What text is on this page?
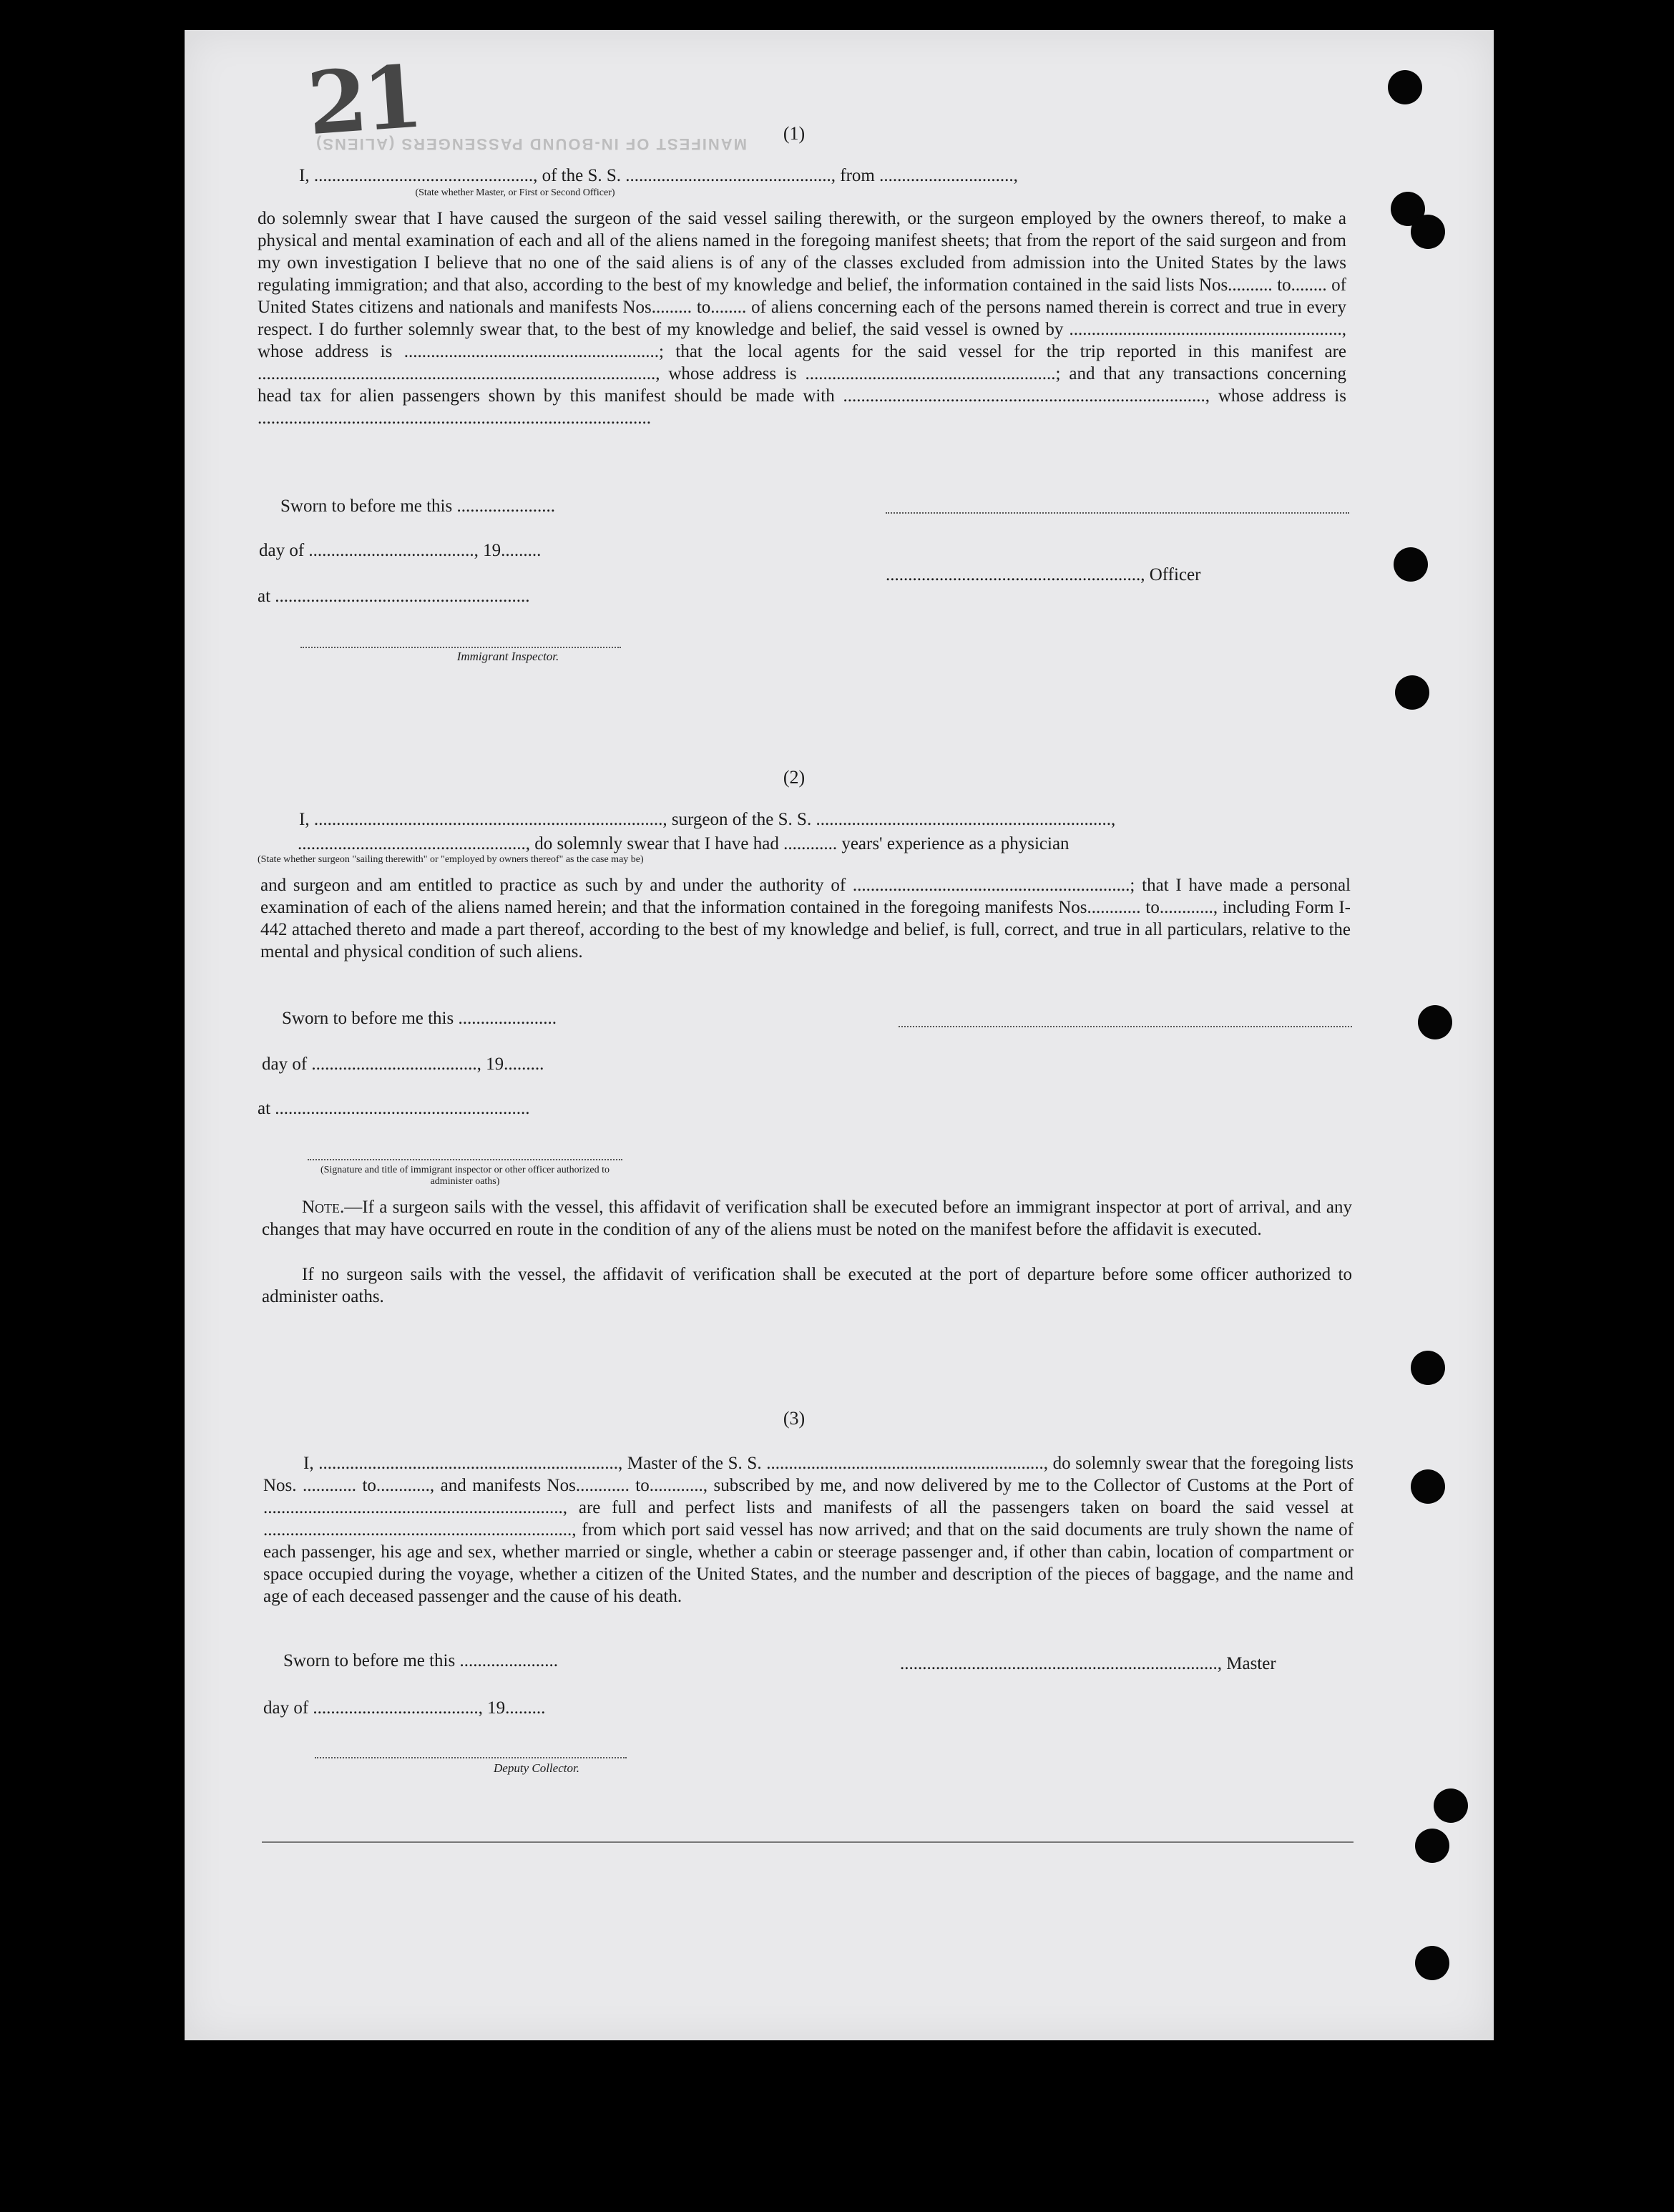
21
MANIFEST OF IN-BOUND PASSENGERS (ALIENS)
(1)
I, ................................................., of the S. S. .............................................., from ..............................,
(State whether Master, or First or Second Officer)
do solemnly swear that I have caused the surgeon of the said vessel sailing therewith, or the surgeon employed by the owners thereof, to make a physical and mental examination of each and all of the aliens named in the foregoing manifest sheets; that from the report of the said surgeon and from my own investigation I believe that no one of the said aliens is of any of the classes excluded from admission into the United States by the laws regulating immigration; and that also, according to the best of my knowledge and belief, the information contained in the said lists Nos.......... to........ of United States citizens and nationals and manifests Nos......... to........ of aliens concerning each of the persons named therein is correct and true in every respect. I do further solemnly swear that, to the best of my knowledge and belief, the said vessel is owned by ............................................................., whose address is .........................................................; that the local agents for the said vessel for the trip reported in this manifest are ........................................................................................., whose address is ........................................................; and that any transactions concerning head tax for alien passengers shown by this manifest should be made with ................................................................................., whose address is ........................................................................................
Sworn to before me this ......................
day of ....................................., 19.........
at .........................................................
Immigrant Inspector.
........................................................., Officer
(2)
I, .............................................................................., surgeon of the S. S. ..................................................................,
..................................................., do solemnly swear that I have had ............ years' experience as a physician
(State whether surgeon "sailing therewith" or "employed by owners thereof" as the case may be)
and surgeon and am entitled to practice as such by and under the authority of ..............................................................; that I have made a personal examination of each of the aliens named herein; and that the information contained in the foregoing manifests Nos............ to............, including Form I-442 attached thereto and made a part thereof, according to the best of my knowledge and belief, is full, correct, and true in all particulars, relative to the mental and physical condition of such aliens.
Sworn to before me this ......................
day of ....................................., 19.........
at .........................................................
(Signature and title of immigrant inspector or other officer authorized to administer oaths)
Note.—If a surgeon sails with the vessel, this affidavit of verification shall be executed before an immigrant inspector at port of arrival, and any changes that may have occurred en route in the condition of any of the aliens must be noted on the manifest before the affidavit is executed.
If no surgeon sails with the vessel, the affidavit of verification shall be executed at the port of departure before some officer authorized to administer oaths.
(3)
I, ..................................................................., Master of the S. S. .............................................................., do solemnly swear that the foregoing lists Nos. ............ to............, and manifests Nos............ to............, subscribed by me, and now delivered by me to the Collector of Customs at the Port of ..................................................................., are full and perfect lists and manifests of all the passengers taken on board the said vessel at ....................................................................., from which port said vessel has now arrived; and that on the said documents are truly shown the name of each passenger, his age and sex, whether married or single, whether a cabin or steerage passenger and, if other than cabin, location of compartment or space occupied during the voyage, whether a citizen of the United States, and the number and description of the pieces of baggage, and the name and age of each deceased passenger and the cause of his death.
Sworn to before me this ......................	......................................................................., Master
day of ....................................., 19.........
Deputy Collector.
